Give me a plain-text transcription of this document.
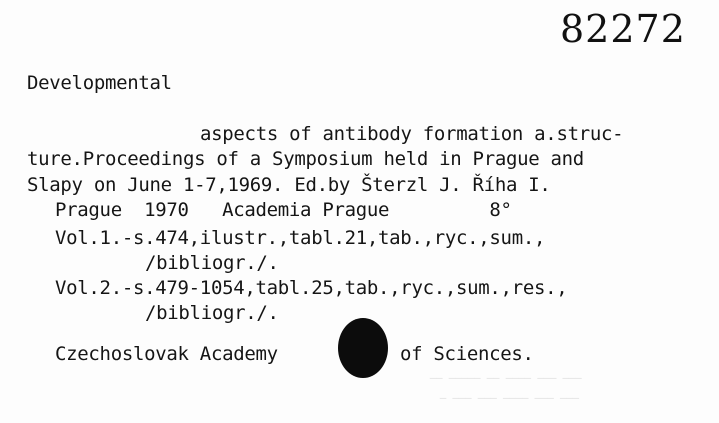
82272
Developmental
aspects of antibody formation a.struc-
ture.Proceedings of a Symposium held in Prague and
Slapy on June 1-7,1969. Ed.by Šterzl J. Říha I.
Prague  1970   Academia Prague         8°
Vol.1.-s.474,ilustr.,tabl.21,tab.,ryc.,sum.,
/bibliogr./.
Vol.2.-s.479-1054,tabl.25,tab.,ryc.,sum.,res.,
/bibliogr./.
Czechoslovak Academy	of Sciences.
——— ——— ———— —— ————— ——
——— ——— ———— ——— ——— —
